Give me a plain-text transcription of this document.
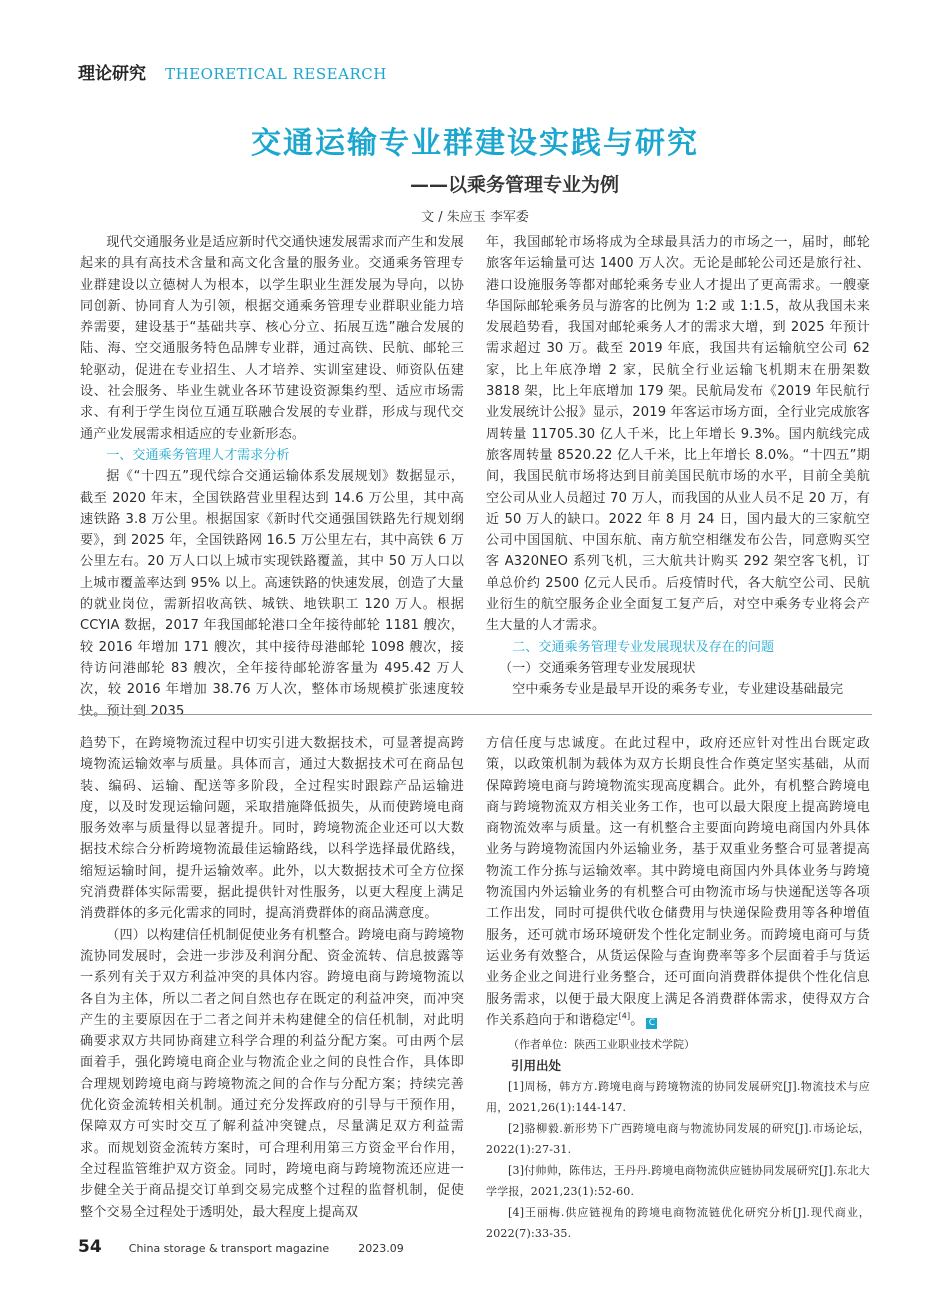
理论研究 THEORETICAL RESEARCH
交通运输专业群建设实践与研究
——以乘务管理专业为例
文 / 朱应玉 李军委

现代交通服务业是适应新时代交通快速发展需求而产生和发展起来的具有高技术含量和高文化含量的服务业。交通乘务管理专业群建设以立德树人为根本，以学生职业生涯发展为导向，以协同创新、协同育人为引领，根据交通乘务管理专业群职业能力培养需要，建设基于“基础共享、核心分立、拓展互选”融合发展的陆、海、空交通服务特色品牌专业群，通过高铁、民航、邮轮三轮驱动，促进在专业招生、人才培养、实训室建设、师资队伍建设、社会服务、毕业生就业各环节建设资源集约型、适应市场需求、有利于学生岗位互通互联融合发展的专业群，形成与现代交通产业发展需求相适应的专业新形态。

一、交通乘务管理人才需求分析

据《“十四五”现代综合交通运输体系发展规划》数据显示，截至 2020 年末，全国铁路营业里程达到 14.6 万公里，其中高速铁路 3.8 万公里。根据国家《新时代交通强国铁路先行规划纲要》，到 2025 年，全国铁路网 16.5 万公里左右，其中高铁 6 万公里左右。20 万人口以上城市实现铁路覆盖，其中 50 万人口以上城市覆盖率达到 95% 以上。高速铁路的快速发展，创造了大量的就业岗位，需新招收高铁、城铁、地铁职工 120 万人。根据 CCYIA 数据，2017 年我国邮轮港口全年接待邮轮 1181 艘次，较 2016 年增加 171 艘次，其中接待母港邮轮 1098 艘次，接待访问港邮轮 83 艘次，全年接待邮轮游客量为 495.42 万人次，较 2016 年增加 38.76 万人次，整体市场规模扩张速度较快。预计到 2035

年，我国邮轮市场将成为全球最具活力的市场之一，届时，邮轮旅客年运输量可达 1400 万人次。无论是邮轮公司还是旅行社、港口设施服务等都对邮轮乘务专业人才提出了更高需求。一艘豪华国际邮轮乘务员与游客的比例为 1:2 或 1:1.5，故从我国未来发展趋势看，我国对邮轮乘务人才的需求大增，到 2025 年预计需求超过 30 万。截至 2019 年底，我国共有运输航空公司 62 家，比上年底净增 2 家，民航全行业运输飞机期末在册架数 3818 架，比上年底增加 179 架。民航局发布《2019 年民航行业发展统计公报》显示，2019 年客运市场方面，全行业完成旅客周转量 11705.30 亿人千米，比上年增长 9.3%。国内航线完成旅客周转量 8520.22 亿人千米，比上年增长 8.0%。“十四五”期间，我国民航市场将达到目前美国民航市场的水平，目前全美航空公司从业人员超过 70 万人，而我国的从业人员不足 20 万，有近 50 万人的缺口。2022 年 8 月 24 日，国内最大的三家航空公司中国国航、中国东航、南方航空相继发布公告，同意购买空客 A320NEO 系列飞机，三大航共计购买 292 架空客飞机，订单总价约 2500 亿元人民币。后疫情时代，各大航空公司、民航业衍生的航空服务企业全面复工复产后，对空中乘务专业将会产生大量的人才需求。

二、交通乘务管理专业发展现状及存在的问题

（一）交通乘务管理专业发展现状

空中乘务专业是最早开设的乘务专业，专业建设基础最完

趋势下，在跨境物流过程中切实引进大数据技术，可显著提高跨境物流运输效率与质量。具体而言，通过大数据技术可在商品包装、编码、运输、配送等多阶段，全过程实时跟踪产品运输进度，以及时发现运输问题，采取措施降低损失，从而使跨境电商服务效率与质量得以显著提升。同时，跨境物流企业还可以大数据技术综合分析跨境物流最佳运输路线，以科学选择最优路线，缩短运输时间，提升运输效率。此外，以大数据技术可全方位探究消费群体实际需要，据此提供针对性服务，以更大程度上满足消费群体的多元化需求的同时，提高消费群体的商品满意度。

（四）以构建信任机制促使业务有机整合。跨境电商与跨境物流协同发展时，会进一步涉及利润分配、资金流转、信息披露等一系列有关于双方利益冲突的具体内容。跨境电商与跨境物流以各自为主体，所以二者之间自然也存在既定的利益冲突，而冲突产生的主要原因在于二者之间并未构建健全的信任机制，对此明确要求双方共同协商建立科学合理的利益分配方案。可由两个层面着手，强化跨境电商企业与物流企业之间的良性合作，具体即合理规划跨境电商与跨境物流之间的合作与分配方案；持续完善优化资金流转相关机制。通过充分发挥政府的引导与干预作用，保障双方可实时交互了解利益冲突键点，尽量满足双方利益需求。而规划资金流转方案时，可合理利用第三方资金平台作用，全过程监管维护双方资金。同时，跨境电商与跨境物流还应进一步健全关于商品提交订单到交易完成整个过程的监督机制，促使整个交易全过程处于透明处，最大程度上提高双

方信任度与忠诚度。在此过程中，政府还应针对性出台既定政策，以政策机制为载体为双方长期良性合作奠定坚实基础，从而保障跨境电商与跨境物流实现高度耦合。此外，有机整合跨境电商与跨境物流双方相关业务工作，也可以最大限度上提高跨境电商物流效率与质量。这一有机整合主要面向跨境电商国内外具体业务与跨境物流国内外运输业务，基于双重业务整合可显著提高物流工作分拣与运输效率。其中跨境电商国内外具体业务与跨境物流国内外运输业务的有机整合可由物流市场与快递配送等各项工作出发，同时可提供代收仓储费用与快递保险费用等各种增值服务，还可就市场环境研发个性化定制业务。而跨境电商可与货运业务有效整合，从货运保险与查询费率等多个层面着手与货运业务企业之间进行业务整合，还可面向消费群体提供个性化信息服务需求，以便于最大限度上满足各消费群体需求，使得双方合作关系趋向于和谐稳定[4]。 C

（作者单位：陕西工业职业技术学院）

引用出处

[1]周杨，韩方方.跨境电商与跨境物流的协同发展研究[J].物流技术与应用，2021,26(1):144-147.

[2]骆柳毅.新形势下广西跨境电商与物流协同发展的研究[J].市场论坛，2022(1):27-31.

[3]付帅帅，陈伟达，王丹丹.跨境电商物流供应链协同发展研究[J].东北大学学报，2021,23(1):52-60.

[4]王丽梅.供应链视角的跨境电商物流链优化研究分析[J].现代商业，2022(7):33-35.

54 China storage & transport magazine	2023.09
